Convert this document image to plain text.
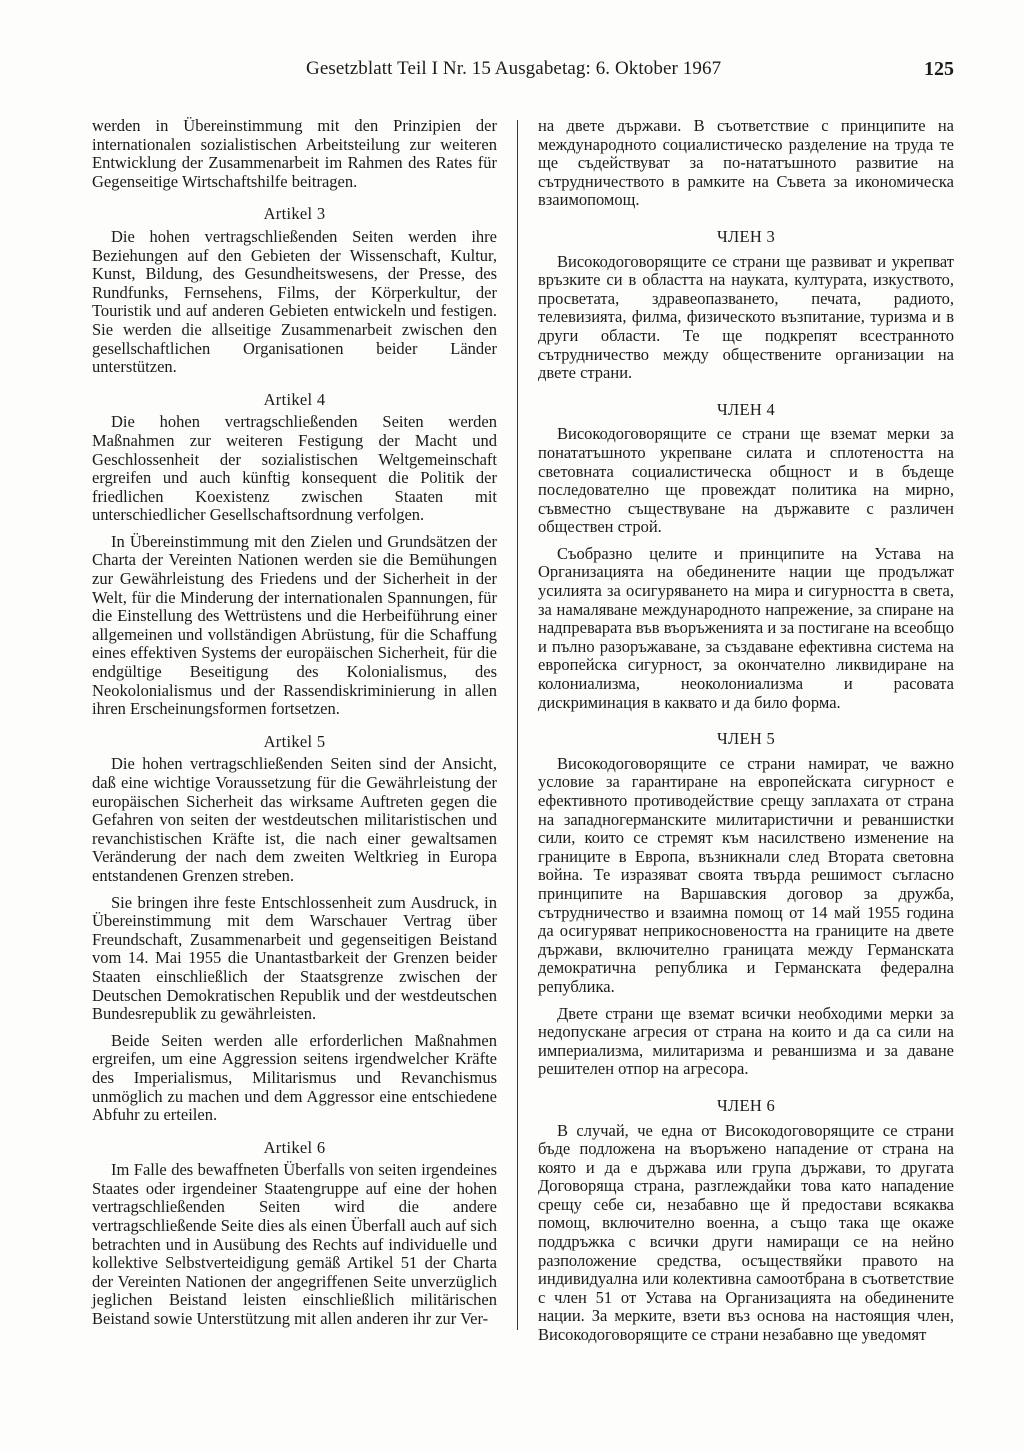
Gesetzblatt Teil I Nr. 15 Ausgabetag: 6. Oktober 1967	125

werden in Übereinstimmung mit den Prinzipien der internationalen sozialistischen Arbeitsteilung zur weiteren Entwicklung der Zusammenarbeit im Rahmen des Rates für Gegenseitige Wirtschaftshilfe beitragen.

Artikel 3

Die hohen vertragschließenden Seiten werden ihre Beziehungen auf den Gebieten der Wissenschaft, Kultur, Kunst, Bildung, des Gesundheitswesens, der Presse, des Rundfunks, Fernsehens, Films, der Körperkultur, der Touristik und auf anderen Gebieten entwickeln und festigen. Sie werden die allseitige Zusammenarbeit zwischen den gesellschaftlichen Organisationen beider Länder unterstützen.

Artikel 4

Die hohen vertragschließenden Seiten werden Maßnahmen zur weiteren Festigung der Macht und Geschlossenheit der sozialistischen Weltgemeinschaft ergreifen und auch künftig konsequent die Politik der friedlichen Koexistenz zwischen Staaten mit unterschiedlicher Gesellschaftsordnung verfolgen.

In Übereinstimmung mit den Zielen und Grundsätzen der Charta der Vereinten Nationen werden sie die Bemühungen zur Gewährleistung des Friedens und der Sicherheit in der Welt, für die Minderung der internationalen Spannungen, für die Einstellung des Wettrüstens und die Herbeiführung einer allgemeinen und vollständigen Abrüstung, für die Schaffung eines effektiven Systems der europäischen Sicherheit, für die endgültige Beseitigung des Kolonialismus, des Neokolonialismus und der Rassendiskriminierung in allen ihren Erscheinungsformen fortsetzen.

Artikel 5

Die hohen vertragschließenden Seiten sind der Ansicht, daß eine wichtige Voraussetzung für die Gewährleistung der europäischen Sicherheit das wirksame Auftreten gegen die Gefahren von seiten der westdeutschen militaristischen und revanchistischen Kräfte ist, die nach einer gewaltsamen Veränderung der nach dem zweiten Weltkrieg in Europa entstandenen Grenzen streben.

Sie bringen ihre feste Entschlossenheit zum Ausdruck, in Übereinstimmung mit dem Warschauer Vertrag über Freundschaft, Zusammenarbeit und gegenseitigen Beistand vom 14. Mai 1955 die Unantastbarkeit der Grenzen beider Staaten einschließlich der Staatsgrenze zwischen der Deutschen Demokratischen Republik und der westdeutschen Bundesrepublik zu gewährleisten.

Beide Seiten werden alle erforderlichen Maßnahmen ergreifen, um eine Aggression seitens irgendwelcher Kräfte des Imperialismus, Militarismus und Revanchismus unmöglich zu machen und dem Aggressor eine entschiedene Abfuhr zu erteilen.

Artikel 6

Im Falle des bewaffneten Überfalls von seiten irgendeines Staates oder irgendeiner Staatengruppe auf eine der hohen vertragschließenden Seiten wird die andere vertragschließende Seite dies als einen Überfall auch auf sich betrachten und in Ausübung des Rechts auf individuelle und kollektive Selbstverteidigung gemäß Artikel 51 der Charta der Vereinten Nationen der angegriffenen Seite unverzüglich jeglichen Beistand leisten einschließlich militärischen Beistand sowie Unterstützung mit allen anderen ihr zur Ver-

на двете държави. В съответствие с принципите на международното социалистическо разделение на труда те ще съдействуват за по-нататъшното развитие на сътрудничеството в рамките на Съвета за икономическа взаимопомощ.

ЧЛЕН 3

Високодоговорящите се страни ще развиват и укрепват връзките си в областта на науката, културата, изкуството, просветата, здравеопазването, печата, радиото, телевизията, филма, физическото възпитание, туризма и в други области. Те ще подкрепят всестранното сътрудничество между обществените организации на двете страни.

ЧЛЕН 4

Високодоговорящите се страни ще вземат мерки за понататъшното укрепване силата и сплотеността на световната социалистическа общност и в бъдеще последователно ще провеждат политика на мирно, съвместно съществуване на държавите с различен обществен строй.

Съобразно целите и принципите на Устава на Организацията на обединените нации ще продължат усилията за осигуряването на мира и сигурността в света, за намаляване международното напрежение, за спиране на надпреварата във въоръженията и за постигане на всеобщо и пълно разоръжаване, за създаване ефективна система на европейска сигурност, за окончателно ликвидиране на колониализма, неоколониализма и расовата дискриминация в каквато и да било форма.

ЧЛЕН 5

Високодоговорящите се страни намират, че важно условие за гарантиране на европейската сигурност е ефективното противодействие срещу заплахата от страна на западногерманските милитаристични и реваншистки сили, които се стремят към насилствено изменение на границите в Европа, възникнали след Втората световна война. Те изразяват своята твърда решимост съгласно принципите на Варшавския договор за дружба, сътрудничество и взаимна помощ от 14 май 1955 година да осигуряват неприкосновеността на границите на двете държави, включително границата между Германската демократична република и Германската федерална република.

Двете страни ще вземат всички необходими мерки за недопускане агресия от страна на които и да са сили на империализма, милитаризма и реваншизма и за даване решителен отпор на агресора.

ЧЛЕН 6

В случай, че една от Високодоговорящите се страни бъде подложена на въоръжено нападение от страна на която и да е държава или група държави, то другата Договоряща страна, разглеждайки това като нападение срещу себе си, незабавно ще й предостави всякаква помощ, включително военна, а също така ще окаже поддръжка с всички други намиращи се на нейно разположение средства, осъществяйки правото на индивидуална или колективна самоотбрана в съответствие с член 51 от Устава на Организацията на обединените нации. За мерките, взети въз основа на настоящия член, Високодоговорящите се страни незабавно ще уведомят
